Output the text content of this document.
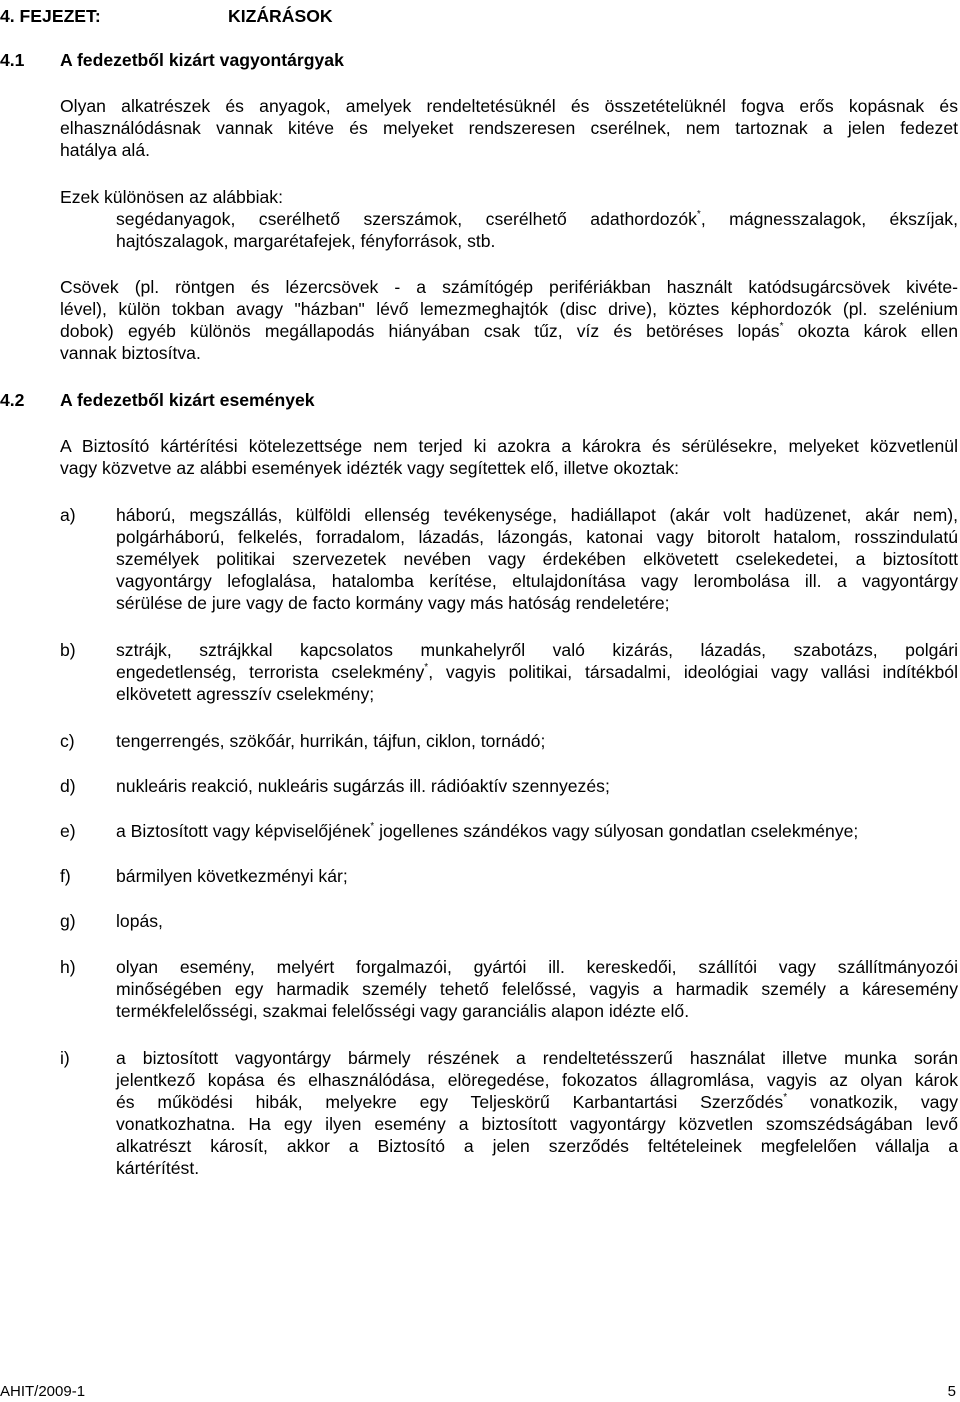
4. FEJEZET:	KIZÁRÁSOK
4.1 A fedezetből kizárt vagyontárgyak
Olyan alkatrészek és anyagok, amelyek rendeltetésüknél és összetételüknél fogva erős kopásnak és
elhasználódásnak vannak kitéve és melyeket rendszeresen cserélnek, nem tartoznak a jelen fedezet
hatálya alá.
Ezek különösen az alábbiak:
segédanyagok, cserélhető szerszámok, cserélhető adathordozók*, mágnesszalagok, ékszíjak,
hajtószalagok, margarétafejek, fényforrások, stb.
Csövek (pl. röntgen és lézercsövek - a számítógép perifériákban használt katódsugárcsövek kivéte-
lével), külön tokban avagy "házban" lévő lemezmeghajtók (disc drive), köztes képhordozók (pl. szelénium
dobok) egyéb különös megállapodás hiányában csak tűz, víz és betöréses lopás* okozta károk ellen
vannak biztosítva.
4.2 A fedezetből kizárt események
A Biztosító kártérítési kötelezettsége nem terjed ki azokra a károkra és sérülésekre, melyeket közvetlenül
vagy közvetve az alábbi események idézték vagy segítettek elő, illetve okoztak:
a) háború, megszállás, külföldi ellenség tevékenysége, hadiállapot (akár volt hadüzenet, akár nem),
polgárháború, felkelés, forradalom, lázadás, lázongás, katonai vagy bitorolt hatalom, rosszindulatú
személyek politikai szervezetek nevében vagy érdekében elkövetett cselekedetei, a biztosított
vagyontárgy lefoglalása, hatalomba kerítése, eltulajdonítása vagy lerombolása ill. a vagyontárgy
sérülése de jure vagy de facto kormány vagy más hatóság rendeletére;
b) sztrájk, sztrájkkal kapcsolatos munkahelyről való kizárás, lázadás, szabotázs, polgári
engedetlenség, terrorista cselekmény*, vagyis politikai, társadalmi, ideológiai vagy vallási indítékból
elkövetett agresszív cselekmény;
c) tengerrengés, szökőár, hurrikán, tájfun, ciklon, tornádó;
d) nukleáris reakció, nukleáris sugárzás ill. rádióaktív szennyezés;
e) a Biztosított vagy képviselőjének* jogellenes szándékos vagy súlyosan gondatlan cselekménye;
f)	bármilyen következményi kár;
g) lopás,
h) olyan esemény, melyért forgalmazói, gyártói ill. kereskedői, szállítói vagy szállítmányozói
minőségében egy harmadik személy tehető felelőssé, vagyis a harmadik személy a káresemény
termékfelelősségi, szakmai felelősségi vagy garanciális alapon idézte elő.
i)	a biztosított vagyontárgy bármely részének a rendeltetésszerű használat illetve munka során
jelentkező kopása és elhasználódása, elöregedése, fokozatos állagromlása, vagyis az olyan károk
és működési hibák, melyekre egy Teljeskörű Karbantartási Szerződés* vonatkozik, vagy
vonatkozhatna. Ha egy ilyen esemény a biztosított vagyontárgy közvetlen szomszédságában levő
alkatrészt károsít, akkor a Biztosító a jelen szerződés feltételeinek megfelelően vállalja a
kártérítést.
AHIT/2009-1	5
